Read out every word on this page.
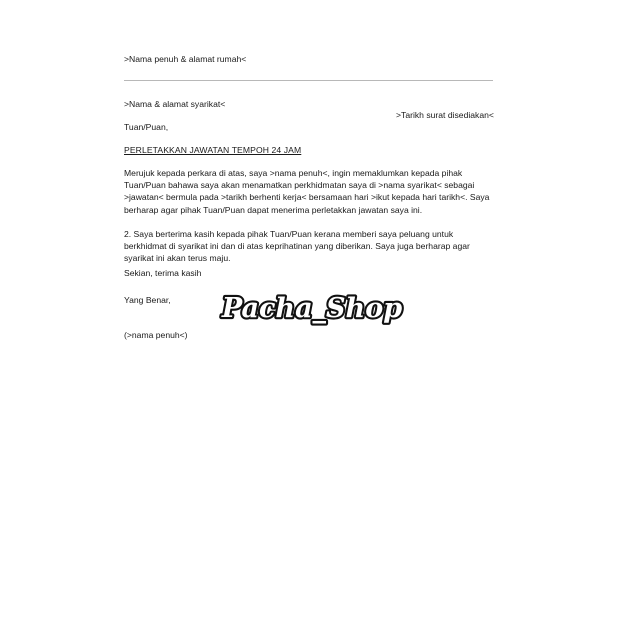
>Nama penuh & alamat rumah<
>Nama & alamat syarikat<
>Tarikh surat disediakan<
Tuan/Puan,
PERLETAKKAN JAWATAN TEMPOH 24 JAM
Merujuk kepada perkara di atas, saya >nama penuh<, ingin memaklumkan kepada pihak
Tuan/Puan bahawa saya akan menamatkan perkhidmatan saya di >nama syarikat< sebagai
>jawatan< bermula pada >tarikh berhenti kerja< bersamaan hari >ikut kepada hari tarikh<. Saya
berharap agar pihak Tuan/Puan dapat menerima perletakkan jawatan saya ini.
2. Saya berterima kasih kepada pihak Tuan/Puan kerana memberi saya peluang untuk
berkhidmat di syarikat ini dan di atas keprihatinan yang diberikan. Saya juga berharap agar
syarikat ini akan terus maju.
Sekian, terima kasih
Yang Benar,
(>nama penuh<)
Pacha_Shop
